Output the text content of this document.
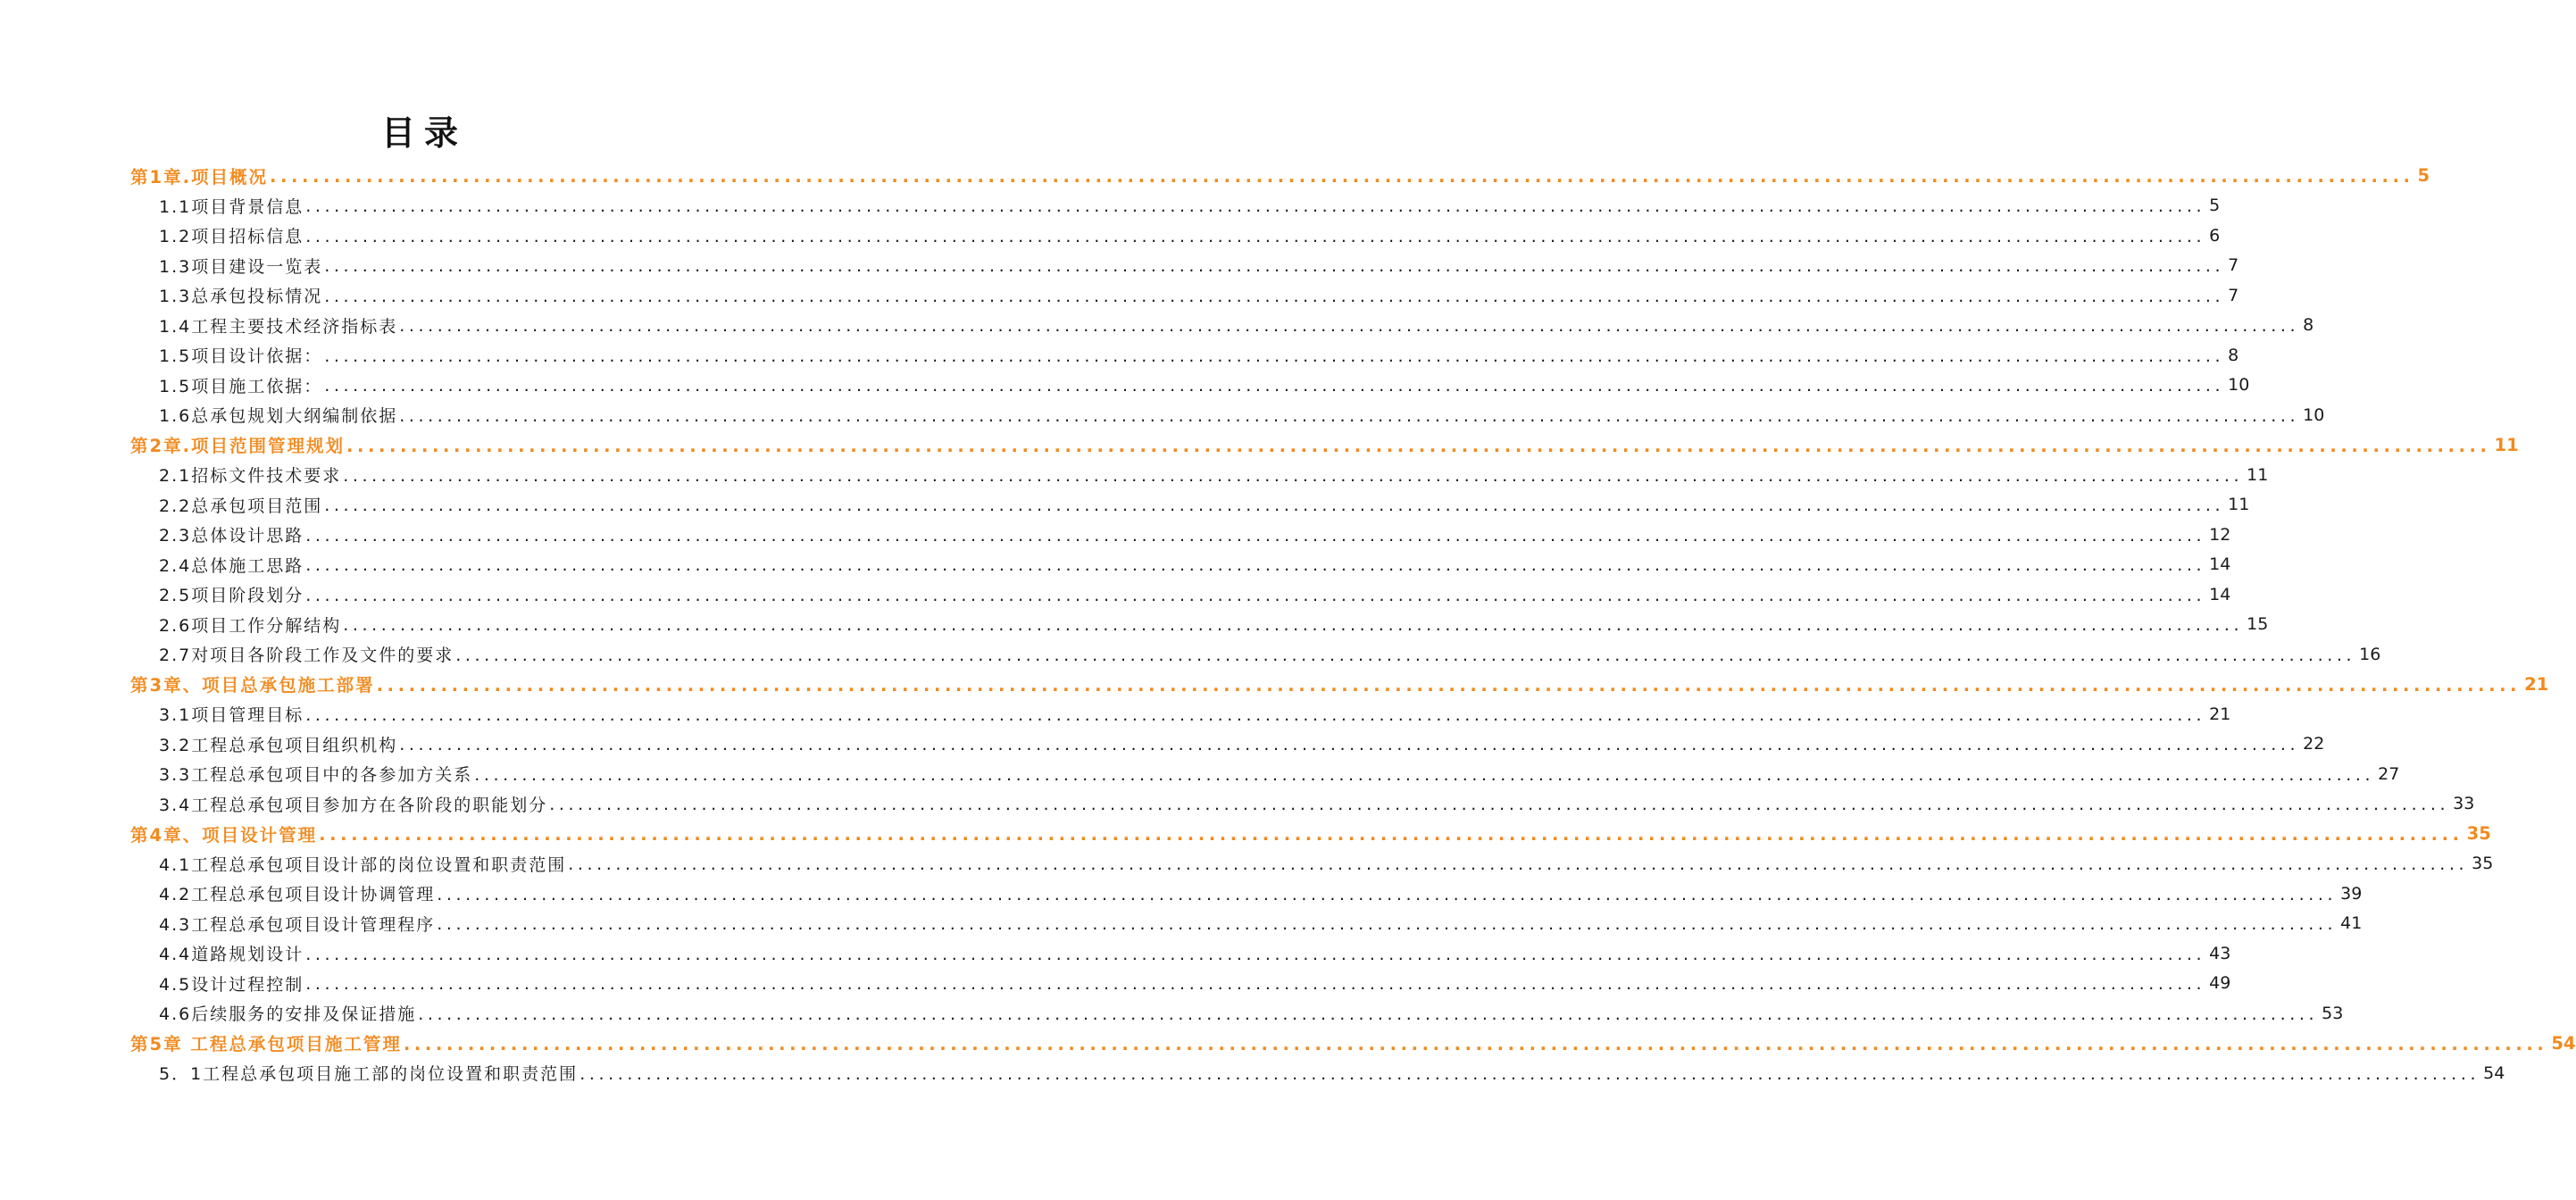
目录
第1章.项目概况 ........................................................................................................................................................................................................ 5
1.1项目背景信息 ........................................................................................................................................................................................................ 5
1.2项目招标信息 ........................................................................................................................................................................................................ 6
1.3项目建设一览表 ........................................................................................................................................................................................................ 7
1.3总承包投标情况 ........................................................................................................................................................................................................ 7
1.4工程主要技术经济指标表 ........................................................................................................................................................................................................ 8
1.5项目设计依据： ........................................................................................................................................................................................................ 8
1.5项目施工依据： ........................................................................................................................................................................................................ 10
1.6总承包规划大纲编制依据 ........................................................................................................................................................................................................ 10
第2章.项目范围管理规划 ........................................................................................................................................................................................................ 11
2.1招标文件技术要求 ........................................................................................................................................................................................................ 11
2.2总承包项目范围 ........................................................................................................................................................................................................ 11
2.3总体设计思路 ........................................................................................................................................................................................................ 12
2.4总体施工思路 ........................................................................................................................................................................................................ 14
2.5项目阶段划分 ........................................................................................................................................................................................................ 14
2.6项目工作分解结构 ........................................................................................................................................................................................................ 15
2.7对项目各阶段工作及文件的要求 ........................................................................................................................................................................................................ 16
第3章、项目总承包施工部署 ........................................................................................................................................................................................................ 21
3.1项目管理目标 ........................................................................................................................................................................................................ 21
3.2工程总承包项目组织机构 ........................................................................................................................................................................................................ 22
3.3工程总承包项目中的各参加方关系 ........................................................................................................................................................................................................ 27
3.4工程总承包项目参加方在各阶段的职能划分 ........................................................................................................................................................................................................ 33
第4章、项目设计管理 ........................................................................................................................................................................................................ 35
4.1工程总承包项目设计部的岗位设置和职责范围 ........................................................................................................................................................................................................ 35
4.2工程总承包项目设计协调管理 ........................................................................................................................................................................................................ 39
4.3工程总承包项目设计管理程序 ........................................................................................................................................................................................................ 41
4.4道路规划设计 ........................................................................................................................................................................................................ 43
4.5设计过程控制 ........................................................................................................................................................................................................ 49
4.6后续服务的安排及保证措施 ........................................................................................................................................................................................................ 53
第5章 工程总承包项目施工管理 ........................................................................................................................................................................................................ 54
5．1工程总承包项目施工部的岗位设置和职责范围 ........................................................................................................................................................................................................ 54
